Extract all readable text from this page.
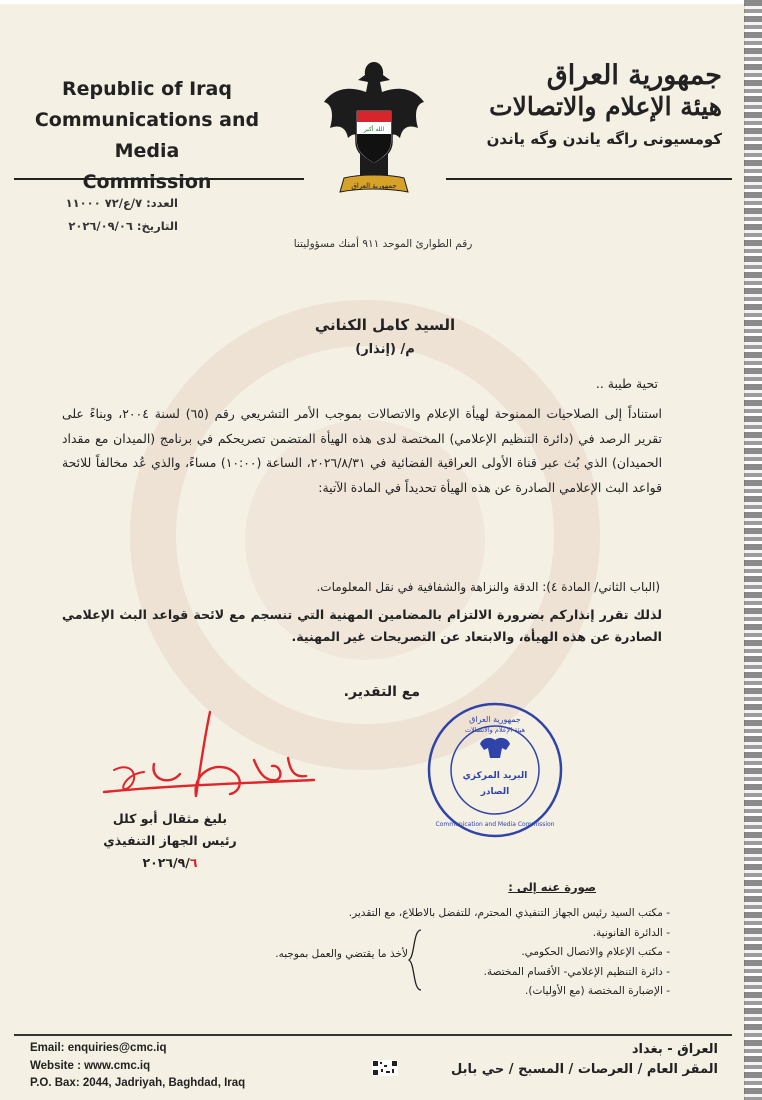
Republic of Iraq
Communications and Media
Commission
الله أكبر
جمهورية العراق
جمهورية العراق
هيئة الإعلام والاتصالات
كومسيونی راگه یاندن وگه یاندن
العدد: ٧/ع/٧٢ ١١٠٠٠
التاريخ: ٢٠٢٦/٠٩/٠٦
رقم الطوارئ الموحد ٩١١ أمنك مسؤوليتنا
السيد كامل الكناني
م/ (إنذار)
تحية طيبة ..
استناداً إلى الصلاحيات الممنوحة لهيأة الإعلام والاتصالات بموجب الأمر التشريعي رقم (٦٥) لسنة ٢٠٠٤، وبناءً على تقرير الرصد في (دائرة التنظيم الإعلامي) المختصة لدى هذه الهيأة المتضمن تصريحكم في برنامج (الميدان مع مقداد الحميدان) الذي بُث عبر قناة الأولى العراقية الفضائية في ٢٠٢٦/٨/٣١، الساعة (١٠:٠٠) مساءً، والذي عُد مخالفاً للائحة قواعد البث الإعلامي الصادرة عن هذه الهيأة تحديداً في المادة الآتية:
(الباب الثاني/ المادة ٤): الدقة والنزاهة والشفافية في نقل المعلومات.
لذلك تقرر إنذاركم بضرورة الالتزام بالمضامين المهنية التي تنسجم مع لائحة قواعد البث الإعلامي الصادرة عن هذه الهيأة، والابتعاد عن التصريحات غير المهنية.
مع التقدير.
بليغ مثقال أبو كلل
رئيس الجهاز التنفيذي
٢٠٢٦/٩/٦
جمهورية العراق
هيئة الإعلام والاتصالات
البريد المركزي
الصادر
Communication and Media Commission
صورة عنه إلى :
- مكتب السيد رئيس الجهاز التنفيذي المحترم، للتفضل بالاطلاع، مع التقدير.
- الدائرة القانونية.
- مكتب الإعلام والاتصال الحكومي.
- دائرة التنظيم الإعلامي- الأقسام المختصة.
- الإضبارة المختصة (مع الأوليات).
لأخذ ما يقتضي والعمل بموجبه.
Email: enquiries@cmc.iq
Website : www.cmc.iq
P.O. Bax: 2044, Jadriyah, Baghdad, Iraq
العراق - بغداد
المقر العام / العرصات / المسبح / حي بابل
